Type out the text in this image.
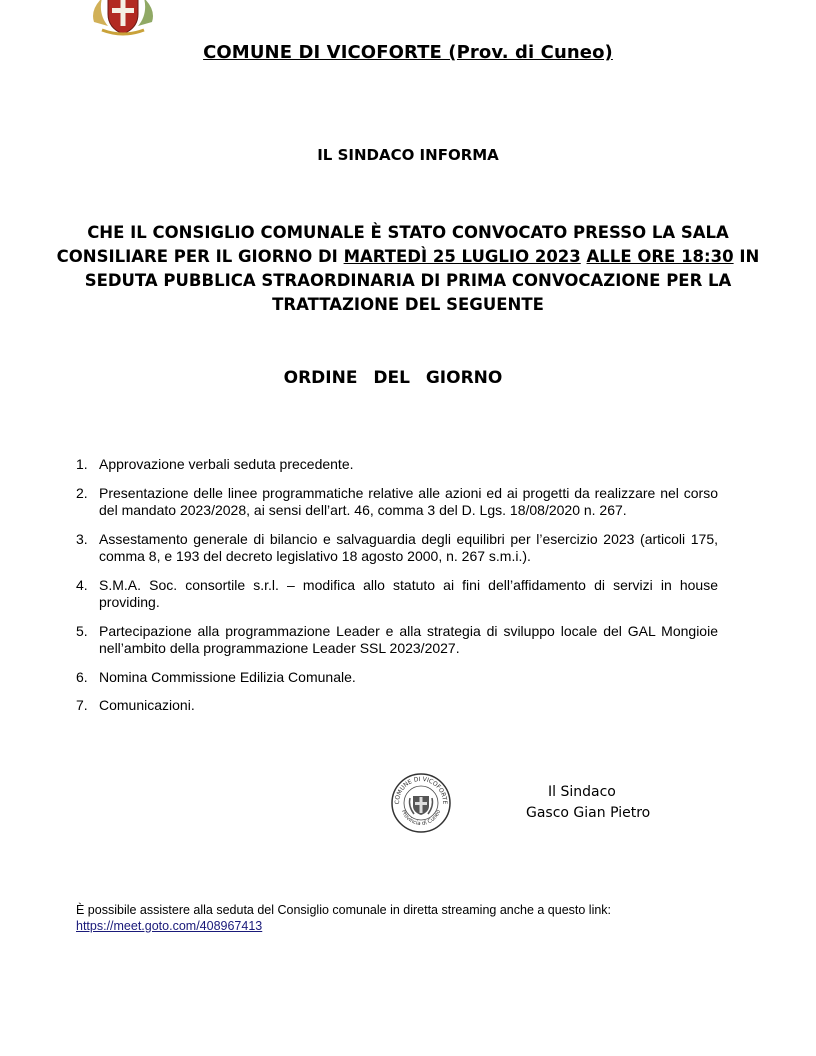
COMUNE DI VICOFORTE (Prov. di Cuneo)
IL SINDACO INFORMA
CHE IL CONSIGLIO COMUNALE È STATO CONVOCATO PRESSO LA SALA CONSILIARE PER IL GIORNO DI MARTEDÌ 25 LUGLIO 2023 ALLE ORE 18:30 IN SEDUTA PUBBLICA STRAORDINARIA DI PRIMA CONVOCAZIONE PER LA TRATTAZIONE DEL SEGUENTE
ORDINE DEL GIORNO
1. Approvazione verbali seduta precedente.
2. Presentazione delle linee programmatiche relative alle azioni ed ai progetti da realizzare nel corso del mandato 2023/2028, ai sensi dell’art. 46, comma 3 del D. Lgs. 18/08/2020 n. 267.
3. Assestamento generale di bilancio e salvaguardia degli equilibri per l’esercizio 2023 (articoli 175, comma 8, e 193 del decreto legislativo 18 agosto 2000, n. 267 s.m.i.).
4. S.M.A. Soc. consortile s.r.l. – modifica allo statuto ai fini dell’affidamento di servizi in house providing.
5. Partecipazione alla programmazione Leader e alla strategia di sviluppo locale del GAL Mongioie nell’ambito della programmazione Leader SSL 2023/2027.
6. Nomina Commissione Edilizia Comunale.
7. Comunicazioni.
COMUNE DI VICOFORTE
Provincia di Cuneo
Il Sindaco
Gasco Gian Pietro
È possibile assistere alla seduta del Consiglio comunale in diretta streaming anche a questo link:
https://meet.goto.com/408967413
